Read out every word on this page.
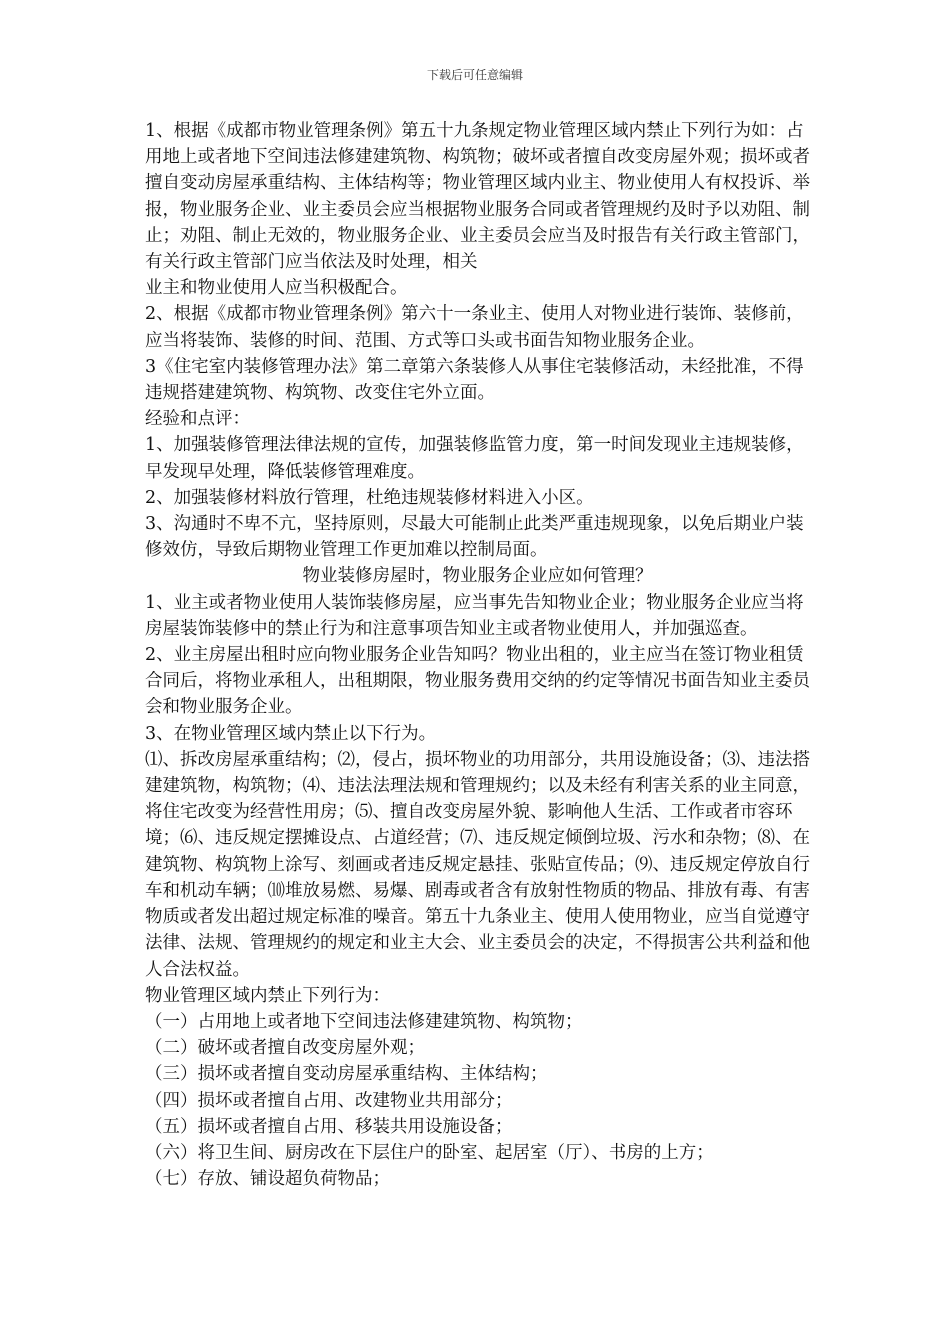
下载后可任意编辑

1、根据《成都市物业管理条例》第五十九条规定物业管理区域内禁止下列行为如：占用地上或者地下空间违法修建建筑物、构筑物；破坏或者擅自改变房屋外观；损坏或者擅自变动房屋承重结构、主体结构等；物业管理区域内业主、物业使用人有权投诉、举报，物业服务企业、业主委员会应当根据物业服务合同或者管理规约及时予以劝阻、制止；劝阻、制止无效的，物业服务企业、业主委员会应当及时报告有关行政主管部门，有关行政主管部门应当依法及时处理，相关

业主和物业使用人应当积极配合。

2、根据《成都市物业管理条例》第六十一条业主、使用人对物业进行装饰、装修前，应当将装饰、装修的时间、范围、方式等口头或书面告知物业服务企业。

3《住宅室内装修管理办法》第二章第六条装修人从事住宅装修活动，未经批准，不得违规搭建建筑物、构筑物、改变住宅外立面。

经验和点评：

1、加强装修管理法律法规的宣传，加强装修监管力度，第一时间发现业主违规装修，早发现早处理，降低装修管理难度。

2、加强装修材料放行管理，杜绝违规装修材料进入小区。

3、沟通时不卑不亢，坚持原则，尽最大可能制止此类严重违规现象，以免后期业户装修效仿，导致后期物业管理工作更加难以控制局面。

物业装修房屋时，物业服务企业应如何管理？

1、业主或者物业使用人装饰装修房屋，应当事先告知物业企业；物业服务企业应当将房屋装饰装修中的禁止行为和注意事项告知业主或者物业使用人，并加强巡查。

2、业主房屋出租时应向物业服务企业告知吗？物业出租的，业主应当在签订物业租赁合同后，将物业承租人，出租期限，物业服务费用交纳的约定等情况书面告知业主委员会和物业服务企业。

3、在物业管理区域内禁止以下行为。

⑴、拆改房屋承重结构；⑵，侵占，损坏物业的功用部分，共用设施设备；⑶、违法搭建建筑物，构筑物；⑷、违法法理法规和管理规约；以及未经有利害关系的业主同意，将住宅改变为经营性用房；⑸、擅自改变房屋外貌、影响他人生活、工作或者市容环境；⑹、违反规定摆摊设点、占道经营；⑺、违反规定倾倒垃圾、污水和杂物；⑻、在建筑物、构筑物上涂写、刻画或者违反规定悬挂、张贴宣传品；⑼、违反规定停放自行车和机动车辆；⑽堆放易燃、易爆、剧毒或者含有放射性物质的物品、排放有毒、有害物质或者发出超过规定标准的噪音。第五十九条业主、使用人使用物业，应当自觉遵守法律、法规、管理规约的规定和业主大会、业主委员会的决定，不得损害公共利益和他人合法权益。

物业管理区域内禁止下列行为：

（一）占用地上或者地下空间违法修建建筑物、构筑物；

（二）破坏或者擅自改变房屋外观；

（三）损坏或者擅自变动房屋承重结构、主体结构；

（四）损坏或者擅自占用、改建物业共用部分；

（五）损坏或者擅自占用、移装共用设施设备；

（六）将卫生间、厨房改在下层住户的卧室、起居室（厅）、书房的上方；

（七）存放、铺设超负荷物品；
